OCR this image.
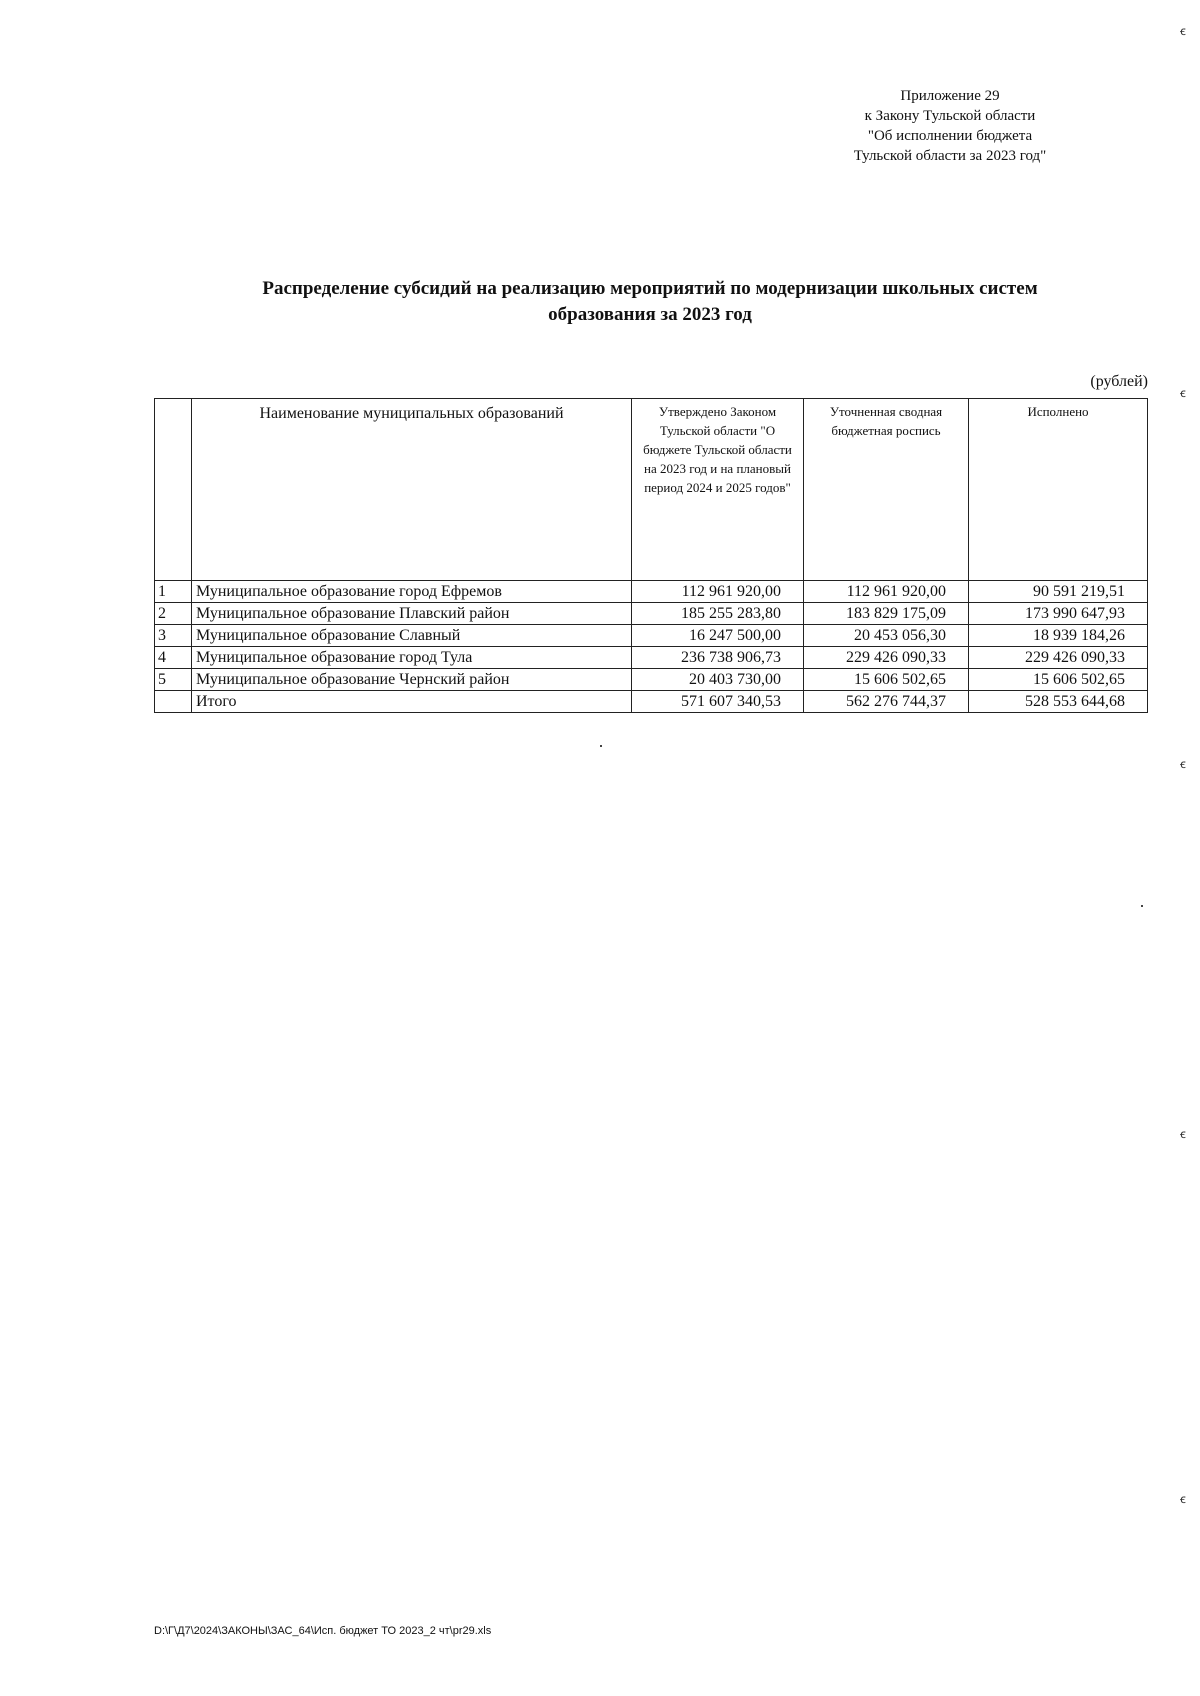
Приложение 29
к Закону Тульской области
"Об исполнении бюджета
Тульской области за 2023 год"
Распределение субсидий на реализацию мероприятий по модернизации школьных систем
образования за 2023 год
(рублей)
	Наименование муниципальных образований	Утверждено Законом Тульской области "О бюджете Тульской области на 2023 год и на плановый период 2024 и 2025 годов"	Уточненная сводная бюджетная роспись	Исполнено
1	Муниципальное образование город Ефремов	112 961 920,00	112 961 920,00	90 591 219,51
2	Муниципальное образование Плавский район	185 255 283,80	183 829 175,09	173 990 647,93
3	Муниципальное образование Славный	16 247 500,00	20 453 056,30	18 939 184,26
4	Муниципальное образование город Тула	236 738 906,73	229 426 090,33	229 426 090,33
5	Муниципальное образование Чернский район	20 403 730,00	15 606 502,65	15 606 502,65
	Итого	571 607 340,53	562 276 744,37	528 553 644,68
D:\Г\Д7\2024\ЗАКОНЫ\ЗАС_64\Исп. бюджет ТО 2023_2 чт\pr29.xls
ꞓ
ꞓ
ꞓ
ꞓ
ꞓ
